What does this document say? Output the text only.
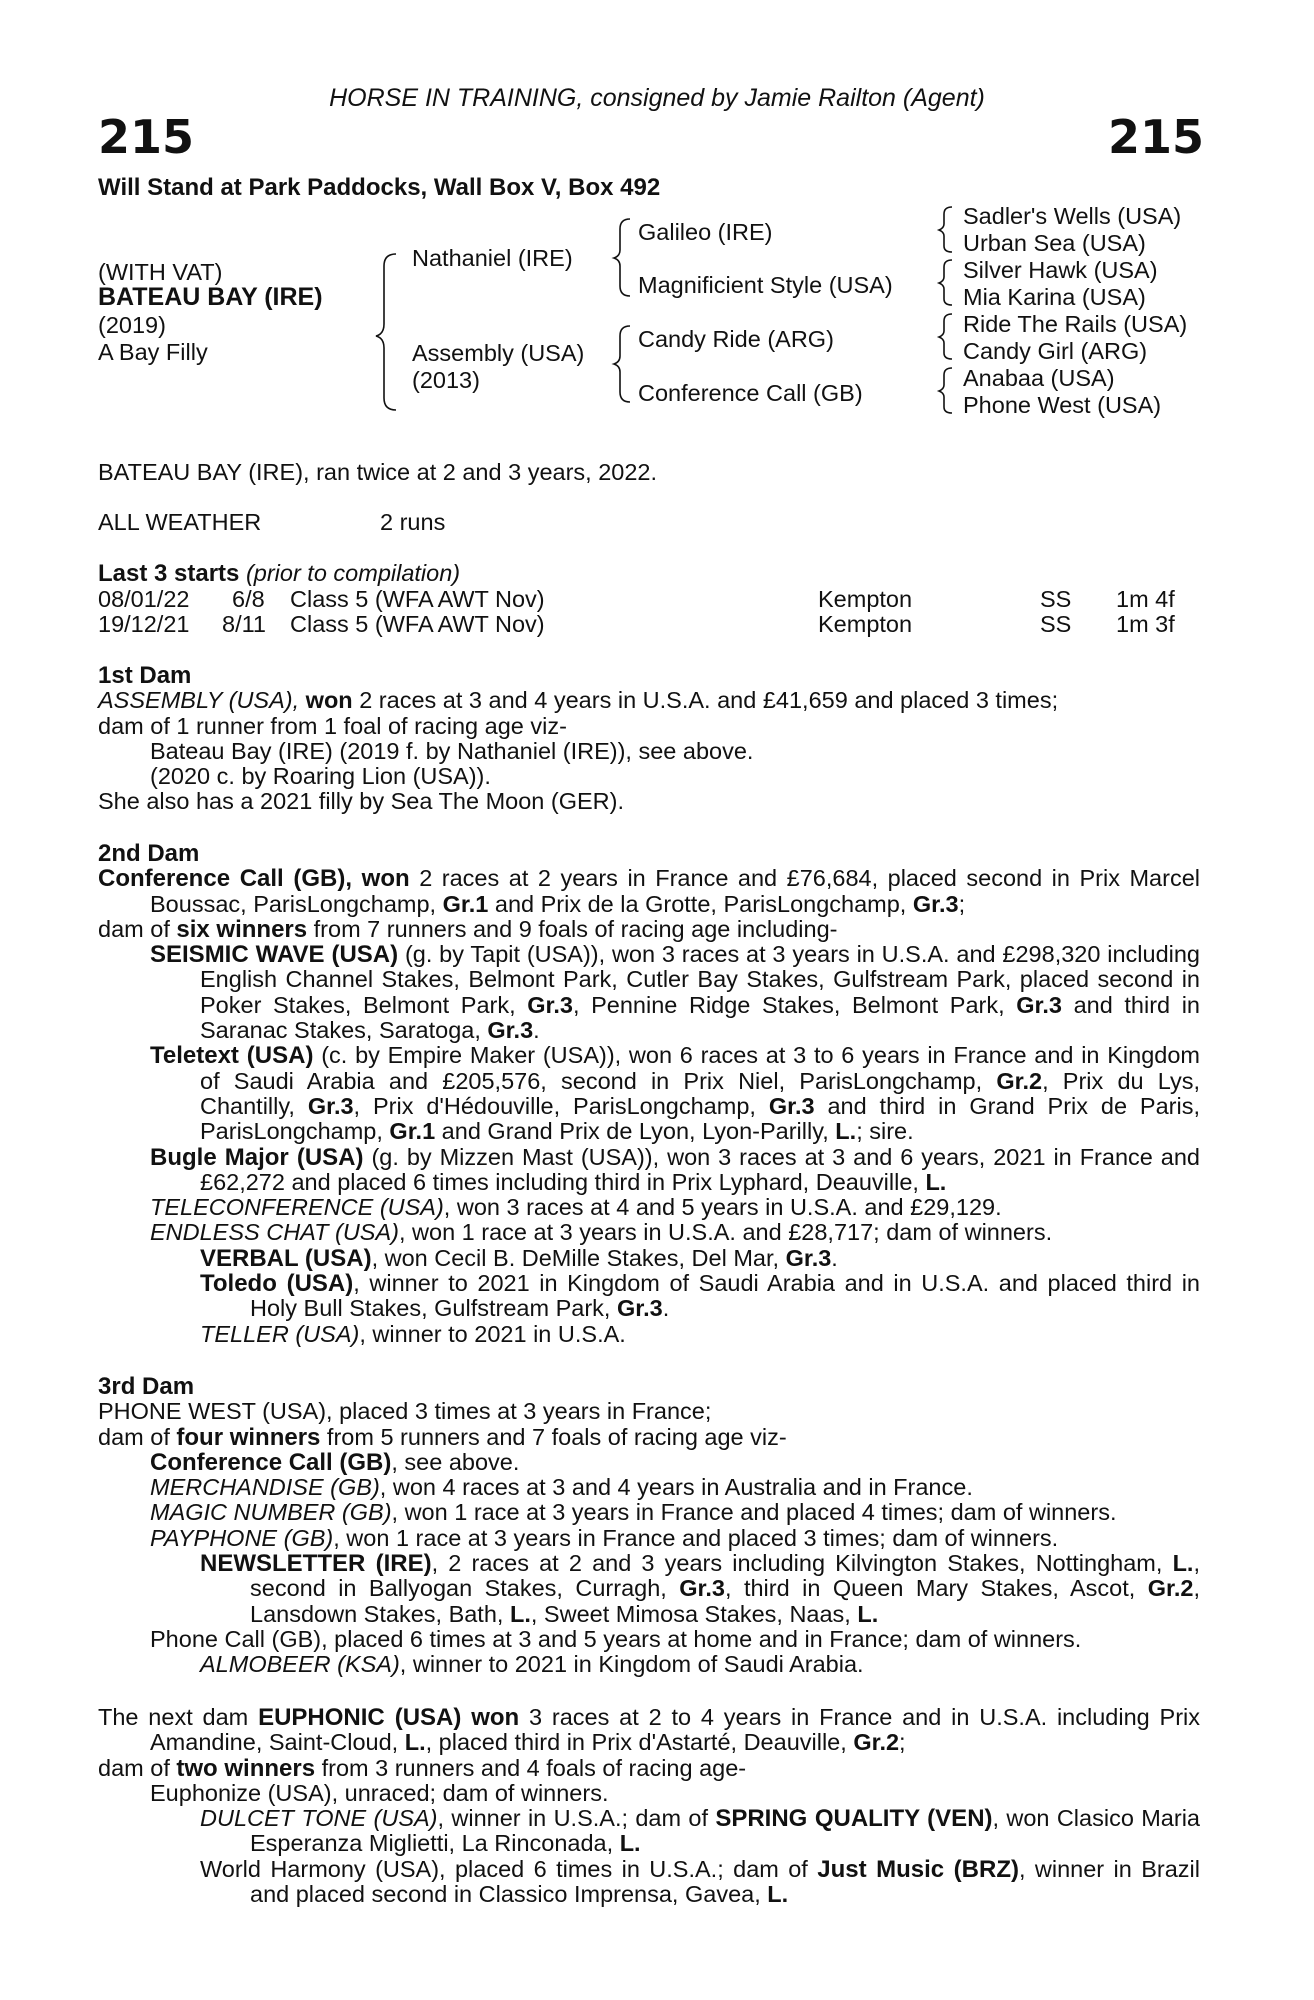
HORSE IN TRAINING, consigned by Jamie Railton (Agent)
215	215
Will Stand at Park Paddocks, Wall Box V, Box 492
(WITH VAT)
BATEAU BAY (IRE)
(2019)
A Bay Filly
Nathaniel (IRE)
Assembly (USA)
(2013)
Galileo (IRE)
Magnificient Style (USA)
Candy Ride (ARG)
Conference Call (GB)
Sadler's Wells (USA)
Urban Sea (USA)
Silver Hawk (USA)
Mia Karina (USA)
Ride The Rails (USA)
Candy Girl (ARG)
Anabaa (USA)
Phone West (USA)
BATEAU BAY (IRE), ran twice at 2 and 3 years, 2022.
ALL WEATHER	2 runs
Last 3 starts (prior to compilation)
08/01/22 6/8 Class 5 (WFA AWT Nov)	Kempton	SS 1m 4f
19/12/21 8/11 Class 5 (WFA AWT Nov)	Kempton	SS 1m 3f

1st Dam

ASSEMBLY (USA), won 2 races at 3 and 4 years in U.S.A. and £41,659 and placed 3 times;

dam of 1 runner from 1 foal of racing age viz-

Bateau Bay (IRE) (2019 f. by Nathaniel (IRE)), see above.

(2020 c. by Roaring Lion (USA)).

She also has a 2021 filly by Sea The Moon (GER).

2nd Dam

Conference Call (GB), won 2 races at 2 years in France and £76,684, placed second in Prix Marcel Boussac, ParisLongchamp, Gr.1 and Prix de la Grotte, ParisLongchamp, Gr.3;

dam of six winners from 7 runners and 9 foals of racing age including-

SEISMIC WAVE (USA) (g. by Tapit (USA)), won 3 races at 3 years in U.S.A. and £298,320 including English Channel Stakes, Belmont Park, Cutler Bay Stakes, Gulfstream Park, placed second in Poker Stakes, Belmont Park, Gr.3, Pennine Ridge Stakes, Belmont Park, Gr.3 and third in Saranac Stakes, Saratoga, Gr.3.

Teletext (USA) (c. by Empire Maker (USA)), won 6 races at 3 to 6 years in France and in Kingdom of Saudi Arabia and £205,576, second in Prix Niel, ParisLongchamp, Gr.2, Prix du Lys, Chantilly, Gr.3, Prix d'Hédouville, ParisLongchamp, Gr.3 and third in Grand Prix de Paris, ParisLongchamp, Gr.1 and Grand Prix de Lyon, Lyon-Parilly, L.; sire.

Bugle Major (USA) (g. by Mizzen Mast (USA)), won 3 races at 3 and 6 years, 2021 in France and £62,272 and placed 6 times including third in Prix Lyphard, Deauville, L.

TELECONFERENCE (USA), won 3 races at 4 and 5 years in U.S.A. and £29,129.

ENDLESS CHAT (USA), won 1 race at 3 years in U.S.A. and £28,717; dam of winners.

VERBAL (USA), won Cecil B. DeMille Stakes, Del Mar, Gr.3.

Toledo (USA), winner to 2021 in Kingdom of Saudi Arabia and in U.S.A. and placed third in Holy Bull Stakes, Gulfstream Park, Gr.3.

TELLER (USA), winner to 2021 in U.S.A.

3rd Dam

PHONE WEST (USA), placed 3 times at 3 years in France;

dam of four winners from 5 runners and 7 foals of racing age viz-

Conference Call (GB), see above.

MERCHANDISE (GB), won 4 races at 3 and 4 years in Australia and in France.

MAGIC NUMBER (GB), won 1 race at 3 years in France and placed 4 times; dam of winners.

PAYPHONE (GB), won 1 race at 3 years in France and placed 3 times; dam of winners.

NEWSLETTER (IRE), 2 races at 2 and 3 years including Kilvington Stakes, Nottingham, L., second in Ballyogan Stakes, Curragh, Gr.3, third in Queen Mary Stakes, Ascot, Gr.2, Lansdown Stakes, Bath, L., Sweet Mimosa Stakes, Naas, L.

Phone Call (GB), placed 6 times at 3 and 5 years at home and in France; dam of winners.

ALMOBEER (KSA), winner to 2021 in Kingdom of Saudi Arabia.

The next dam EUPHONIC (USA) won 3 races at 2 to 4 years in France and in U.S.A. including Prix Amandine, Saint-Cloud, L., placed third in Prix d'Astarté, Deauville, Gr.2;

dam of two winners from 3 runners and 4 foals of racing age-

Euphonize (USA), unraced; dam of winners.

DULCET TONE (USA), winner in U.S.A.; dam of SPRING QUALITY (VEN), won Clasico Maria Esperanza Miglietti, La Rinconada, L.

World Harmony (USA), placed 6 times in U.S.A.; dam of Just Music (BRZ), winner in Brazil and placed second in Classico Imprensa, Gavea, L.
